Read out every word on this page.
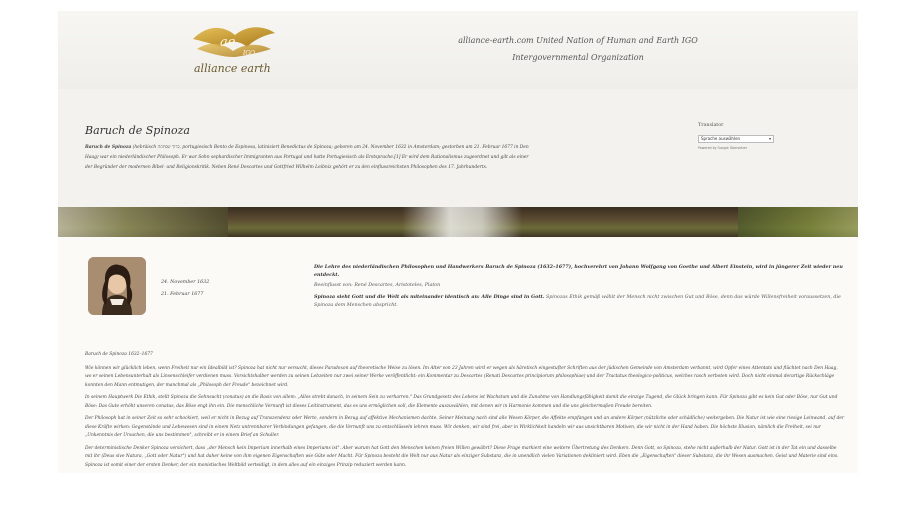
ae
IGO
alliance earth
alliance-earth.com United Nation of Human and Earth IGO
Intergovernmental Organization
Baruch de Spinoza
Baruch de Spinoza (hebräisch ברוך שפינוזה, portugiesisch Bento de Espinosa, latinisiert Benedictus de Spinoza; geboren am 24. November 1632 in Amsterdam; gestorben am 21. Februar 1677 in Den Haag) war ein niederländischer Philosoph. Er war Sohn sephardischer Immigranten aus Portugal und hatte Portugiesisch als Erstsprache.[1] Er wird dem Rationalismus zugeordnet und gilt als einer der Begründer der modernen Bibel- und Religionskritik. Neben René Descartes und Gottfried Wilhelm Leibniz gehört er zu den einflussreichsten Philosophen des 17. Jahrhunderts.
Translator
Sprache auswählen	▾
Powered by Google Übersetzer
24. November 1632
21. Februar 1677
Die Lehre des niederländischen Philosophen und Handwerkers Baruch de Spinoza (1632–1677), hochverehrt von Johann Wolfgang von Goethe und Albert Einstein, wird in jüngerer Zeit wieder neu entdeckt.
Beeinflusst von: René Descartes, Aristoteles, Platon
Spinoza sieht Gott und die Welt als miteinander identisch an: Alle Dinge sind in Gott. Spinozas Ethik gemäß wählt der Mensch nicht zwischen Gut und Böse, denn das würde Willensfreiheit voraussetzen, die Spinoza dem Menschen abspricht.
Baruch de Spinoza 1632–1677

Wie können wir glücklich leben, wenn Freiheit nur ein Idealbild ist? Spinoza hat nicht nur versucht, dieses Paradoxon auf theoretische Weise zu lösen. Im Alter von 23 Jahren wird er wegen als häretisch eingestufter Schriften aus der jüdischen Gemeinde von Amsterdam verbannt, wird Opfer eines Attentats und flüchtet nach Den Haag, wo er seinen Lebensunterhalt als Linsenschleifer verdienen muss. Vorsichtshalber werden zu seinen Lebzeiten nur zwei seiner Werke veröffentlicht: ein Kommentar zu Descartes (Renati Descartes principiorum philosophiae) und der Tractatus theologico-politicus, welches rasch verboten wird. Doch nicht einmal derartige Rückschläge konnten den Mann entmutigen, der manchmal als „Philosoph der Freude" bezeichnet wird.

In seinem Hauptwerk Die Ethik, stellt Spinoza die Sehnsucht (conatus) an die Basis von allem: „Alles strebt danach, in seinem Sein zu verharren." Das Grundgesetz des Lebens ist Wachstum und die Zunahme von Handlungsfähigkeit damit die einzige Tugend, die Glück bringen kann. Für Spinoza gibt es kein Gut oder Böse, nur Gut und Böse: Das Gute erhöht unseren conatus, das Böse engt ihn ein. Die menschliche Vernunft ist dieses Leitinstrument, das es uns ermöglichen soll, die Elemente auszuwählen, mit denen wir in Harmonie kommen und die uns gleichermaßen Freude bereiten.

Der Philosoph hat in seiner Zeit so sehr schockiert, weil er nicht in Bezug auf Transzendenz oder Werte, sondern in Bezug auf affektive Mechanismen dachte. Seiner Meinung nach sind alle Wesen Körper, die Affekte empfangen und an andere Körper (nützliche oder schädliche) weitergeben. Die Natur ist wie eine riesige Leinwand, auf der diese Kräfte wirken: Gegenstände und Lebewesen sind in einem Netz untrennbarer Verbindungen gefangen, die die Vernunft uns zu entschlüsseln lehren muss. Wir denken, wir sind frei, aber in Wirklichkeit handeln wir aus unsichtbaren Motiven, die wir nicht in der Hand haben. Die höchste Illusion, nämlich die Freiheit, sei nur „Unkenntnis der Ursachen, die uns bestimmen", schreibt er in einem Brief an Schuller.

Der deterministische Denker Spinoza versichert, dass „der Mensch kein Imperium innerhalb eines Imperiums ist". Aber warum hat Gott den Menschen keinen freien Willen gewährt? Diese Frage markiert eine weitere Übertretung des Denkers. Denn Gott, so Spinoza, stehe nicht außerhalb der Natur. Gott ist in der Tat ein und dasselbe mit ihr (Deus sive Natura, „Gott oder Natur") und hat daher keine von ihm eigenen Eigenschaften wie Güte oder Macht. Für Spinoza besteht die Welt nur aus Natur als einziger Substanz, die in unendlich vielen Variationen dekliniert wird. Eben die „Eigenschaften" dieser Substanz, die ihr Wesen ausmachen. Geist und Materie sind eins. Spinoza ist somit einer der ersten Denker, der ein monistisches Weltbild verteidigt, in dem alles auf ein einziges Prinzip reduziert werden kann.
